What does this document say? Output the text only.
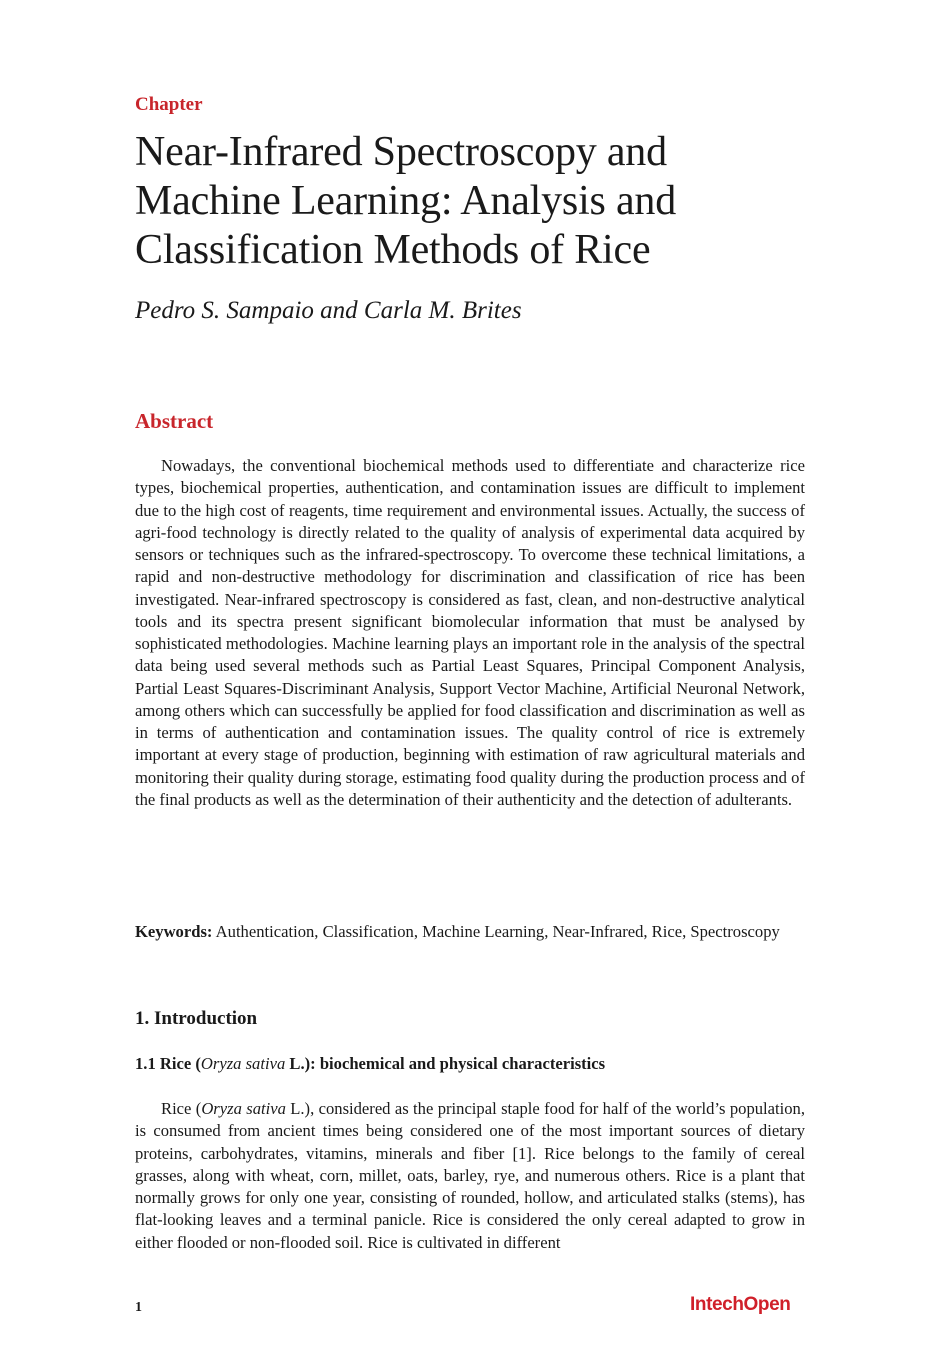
Chapter
Near-Infrared Spectroscopy and Machine Learning: Analysis and Classification Methods of Rice
Pedro S. Sampaio and Carla M. Brites
Abstract

Nowadays, the conventional biochemical methods used to differentiate and characterize rice types, biochemical properties, authentication, and contamination issues are difficult to implement due to the high cost of reagents, time requirement and environmental issues. Actually, the success of agri-food technology is directly related to the quality of analysis of experimental data acquired by sensors or techniques such as the infrared-spectroscopy. To overcome these technical limitations, a rapid and non-destructive methodology for discrimination and classification of rice has been investigated. Near-infrared spectroscopy is considered as fast, clean, and non-destructive analytical tools and its spectra present significant biomolecular information that must be analysed by sophisticated methodologies. Machine learning plays an important role in the analysis of the spectral data being used several methods such as Partial Least Squares, Principal Component Analysis, Partial Least Squares-Discriminant Analysis, Support Vector Machine, Artificial Neuronal Network, among others which can successfully be applied for food classification and discrimination as well as in terms of authentication and contamination issues. The quality control of rice is extremely important at every stage of production, beginning with estimation of raw agricultural materials and monitoring their quality during storage, estimating food quality during the production process and of the final products as well as the determination of their authenticity and the detection of adulterants.

Keywords: Authentication, Classification, Machine Learning, Near-Infrared, Rice, Spectroscopy

1. Introduction
1.1 Rice (Oryza sativa L.): biochemical and physical characteristics

Rice (Oryza sativa L.), considered as the principal staple food for half of the world’s population, is consumed from ancient times being considered one of the most important sources of dietary proteins, carbohydrates, vitamins, minerals and fiber [1]. Rice belongs to the family of cereal grasses, along with wheat, corn, millet, oats, barley, rye, and numerous others. Rice is a plant that normally grows for only one year, consisting of rounded, hollow, and articulated stalks (stems), has flat-looking leaves and a terminal panicle. Rice is considered the only cereal adapted to grow in either flooded or non-flooded soil. Rice is cultivated in different

1	IntechOpen
